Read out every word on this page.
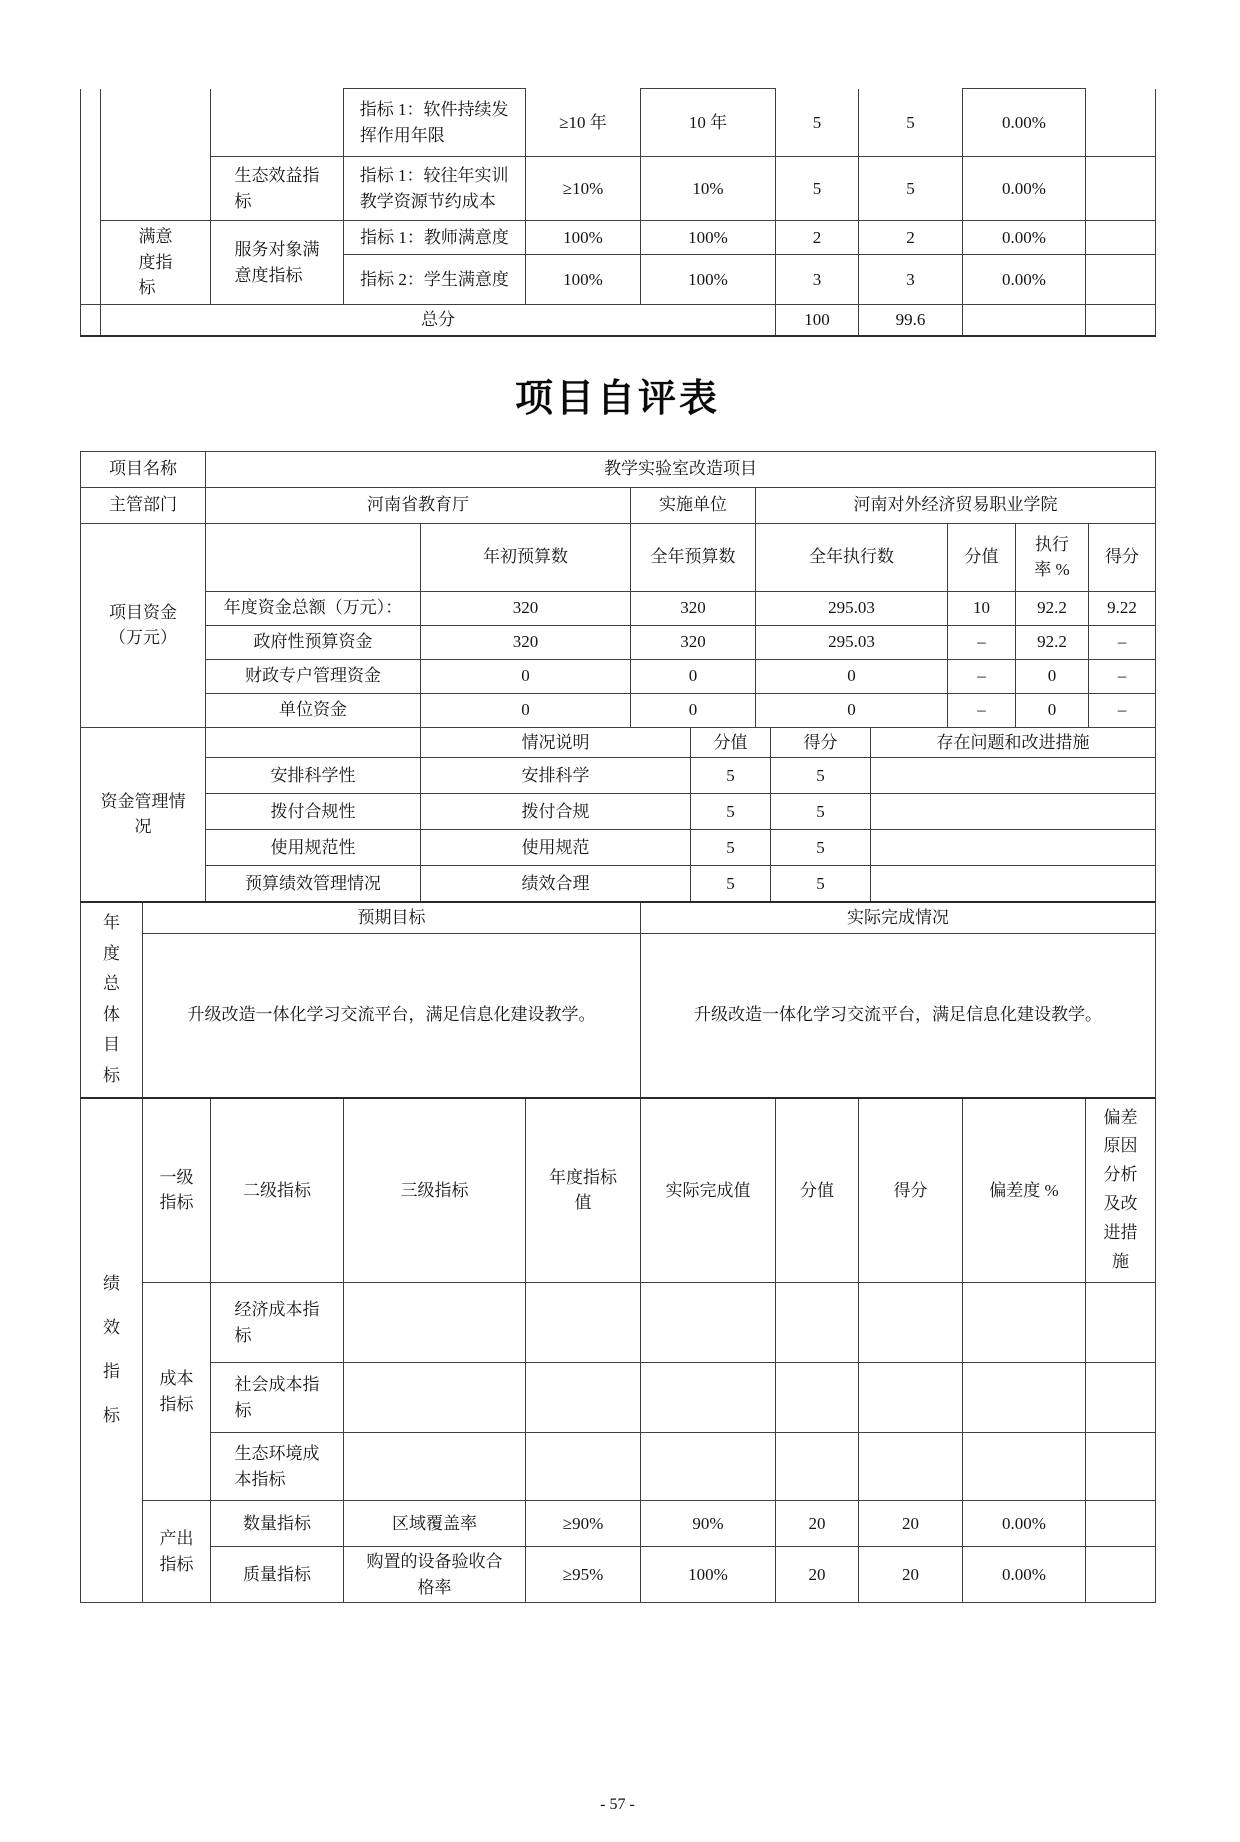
			指标 1：软件持续发挥作用年限	≥10 年	10 年	5	5	0.00%	
		生态效益指标	指标 1：较往年实训教学资源节约成本	≥10%	10%	5	5	0.00%	
	满意度指标	服务对象满意度指标	指标 1：教师满意度	100%	100%	2	2	0.00%	
			指标 2：学生满意度	100%	100%	3	3	0.00%	
	总分					100	99.6		
项目自评表
项目名称	教学实验室改造项目		
主管部门	河南省教育厅	实施单位	河南对外经济贸易职业学院
项目资金（万元）		年初预算数	全年预算数	全年执行数	分值	执行率 %	得分
	年度资金总额（万元）：	320	320	295.03	10	92.2	9.22
	政府性预算资金	320	320	295.03	–	92.2	–
	财政专户管理资金	0	0	0	–	0	–
	单位资金	0	0	0	–	0	–
资金管理情况		情况说明	分值	得分	存在问题和改进措施
	安排科学性	安排科学	5	5	
	拨付合规性	拨付合规	5	5	
	使用规范性	使用规范	5	5	
	预算绩效管理情况	绩效合理	5	5	
年度总体目标	预期目标	实际完成情况
	升级改造一体化学习交流平台，满足信息化建设教学。	升级改造一体化学习交流平台，满足信息化建设教学。
绩效指标	一级指标	二级指标	三级指标	年度指标值	实际完成值	分值	得分	偏差度 %	偏差原因分析及改进措施
	成本指标	经济成本指标							
		社会成本指标							
		生态环境成本指标							
	产出指标	数量指标	区域覆盖率	≥90%	90%	20	20	0.00%	
		质量指标	购置的设备验收合格率	≥95%	100%	20	20	0.00%	
- 57 -
